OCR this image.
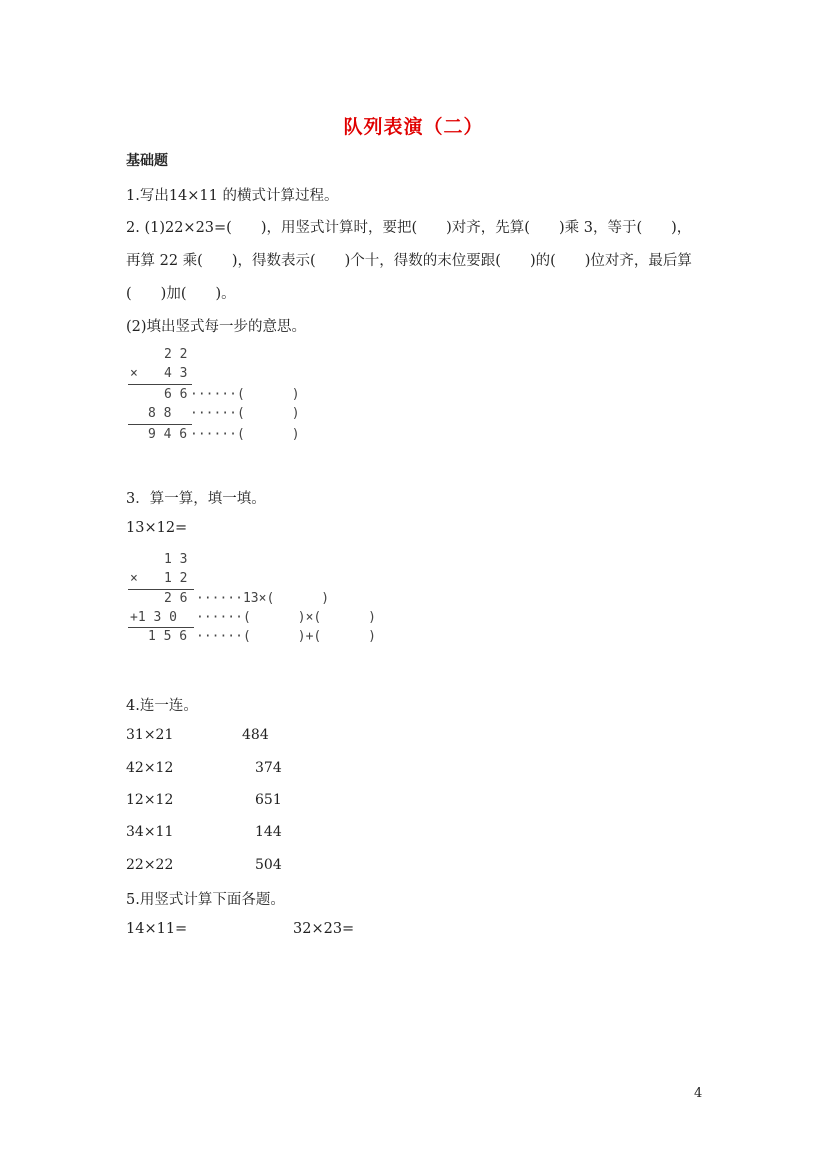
队列表演（二）
基础题
1.写出14×11 的横式计算过程。
2. (1)22×23=(　　)，用竖式计算时，要把(　　)对齐，先算(　　)乘 3，等于(　　)，
再算 22 乘(　　)，得数表示(　　)个十，得数的末位要跟(　　)的(　　)位对齐，最后算
(　　)加(　　)。
(2)填出竖式每一步的意思。
2 2
× 4 3
6 6 ······(      )
8 8 ······(      )
9 4 6 ······(      )
3．算一算，填一填。
13×12=
1 3
× 1 2
2 6 ······13×(      )
+1 3 0 ······(      )×(      )
1 5 6 ······(      )+(      )
4.连一连。
31×21	484
42×12	374
12×12	651
34×11	144
22×22	504
5.用竖式计算下面各题。
14×11=	32×23=
4
